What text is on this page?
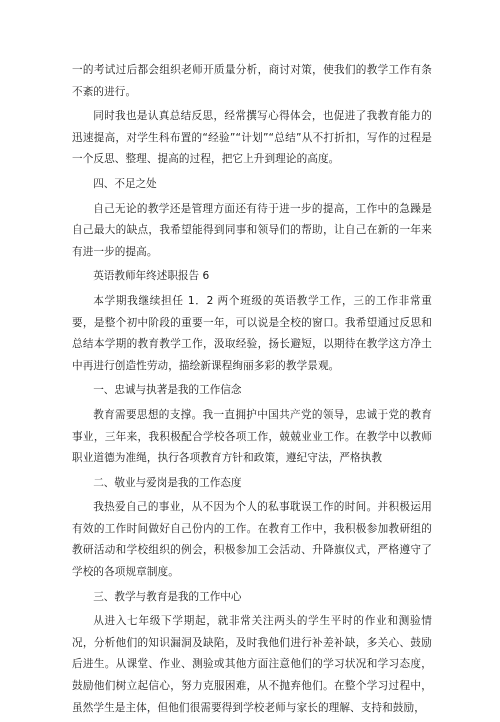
一的考试过后都会组织老师开质量分析，商讨对策，使我们的教学工作有条不紊的进行。

同时我也是认真总结反思，经常撰写心得体会，也促进了我教育能力的迅速提高，对学生科布置的“经验”“计划”“总结”从不打折扣，写作的过程是一个反思、整理、提高的过程，把它上升到理论的高度。

四、不足之处

自己无论的教学还是管理方面还有待于进一步的提高，工作中的急躁是自己最大的缺点，我希望能得到同事和领导们的帮助，让自己在新的一年来有进一步的提高。

英语教师年终述职报告 6

本学期我继续担任 1．2 两个班级的英语教学工作，三的工作非常重要，是整个初中阶段的重要一年，可以说是全校的窗口。我希望通过反思和总结本学期的教育教学工作，汲取经验，扬长避短，以期待在教学这方净土中再进行创造性劳动，描绘新课程绚丽多彩的教学景观。

一、忠诚与执著是我的工作信念

教育需要思想的支撑。我一直拥护中国共产党的领导，忠诚于党的教育事业，三年来，我积极配合学校各项工作，兢兢业业工作。在教学中以教师职业道德为准绳，执行各项教育方针和政策，遵纪守法，严格执教

二、敬业与爱岗是我的工作态度

我热爱自己的事业，从不因为个人的私事耽误工作的时间。并积极运用有效的工作时间做好自己份内的工作。在教育工作中，我积极参加教研组的教研活动和学校组织的例会，积极参加工会活动、升降旗仪式，严格遵守了学校的各项规章制度。

三、教学与教育是我的工作中心

从进入七年级下学期起，就非常关注两头的学生平时的作业和测验情况，分析他们的知识漏洞及缺陷，及时我他们进行补差补缺，多关心、鼓励后进生。从课堂、作业、测验或其他方面注意他们的学习状况和学习态度，鼓励他们树立起信心，努力克服困难，从不抛弃他们。在整个学习过程中，虽然学生是主体，但他们很需要得到学校老师与家长的理解、支持和鼓励，
